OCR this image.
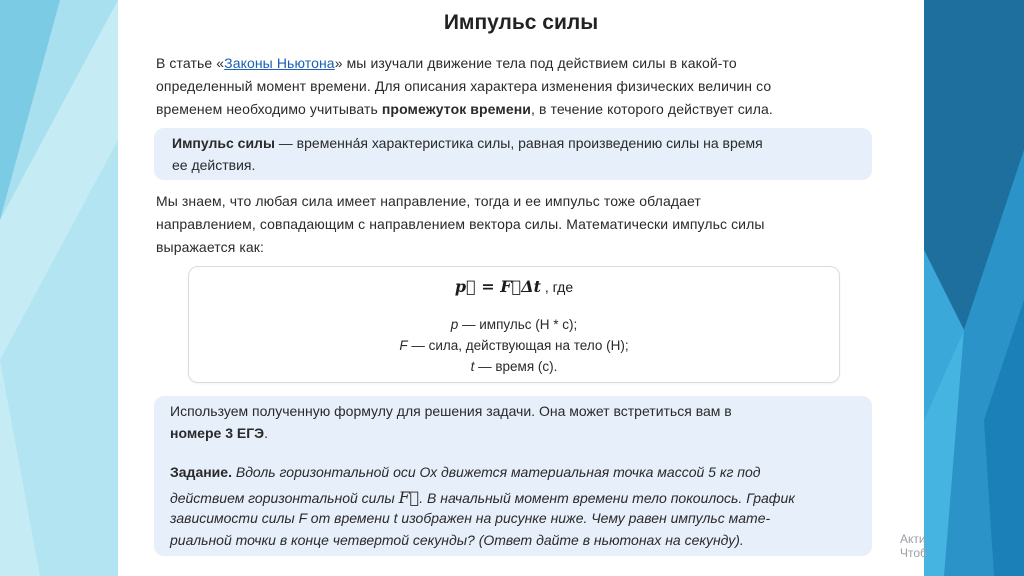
Импульс силы
В статье «Законы Ньютона» мы изучали движение тела под действием силы в какой-то
определенный момент времени. Для описания характера изменения физических величин со
временем необходимо учитывать промежуток времени, в течение которого действует сила.
Импульс силы — временна́я характеристика силы, равная произведению силы на время
ее действия.
Мы знаем, что любая сила имеет направление, тогда и ее импульс тоже обладает
направлением, совпадающим с направлением вектора силы. Математически импульс силы
выражается как:
p⃗ = F⃗Δt , где
p — импульс (Н * с);
F — сила, действующая на тело (Н);
t — время (с).
Используем полученную формулу для решения задачи. Она может встретиться вам в
номере 3 ЕГЭ.
Задание. Вдоль горизонтальной оси Ох движется материальная точка массой 5 кг под
действием горизонтальной силы F⃗. В начальный момент времени тело покоилось. График
зависимости силы F от времени t изображен на рисунке ниже. Чему равен импульс мате-
риальной точки в конце четвертой секунды? (Ответ дайте в ньютонах на секунду).	Акти
Чтоб
